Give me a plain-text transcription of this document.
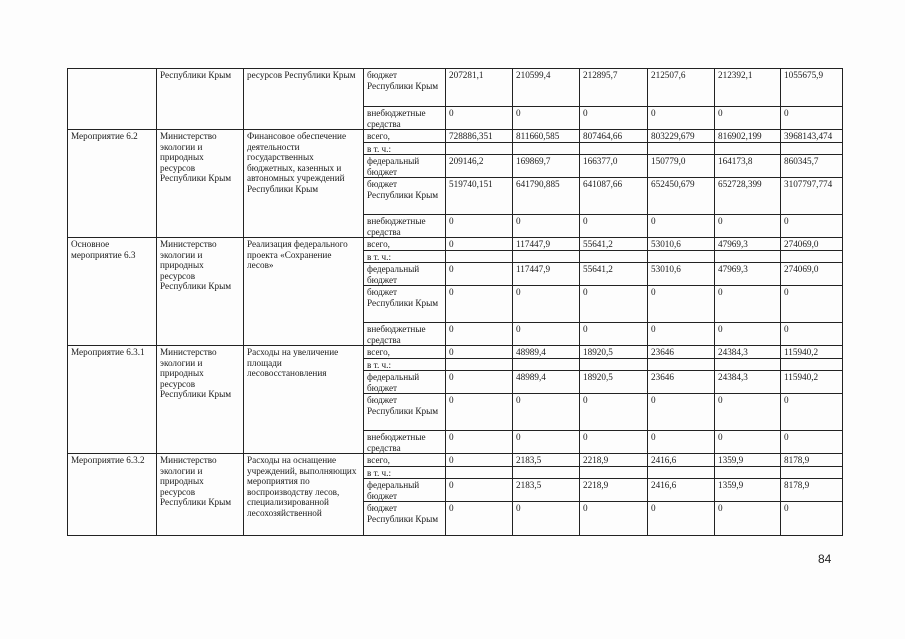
	Республики Крым	ресурсов Республики Крым	бюджет Республики Крым	207281,1	210599,4	212895,7	212507,6	212392,1	1055675,9
			внебюджетные средства	0	0	0	0	0	0
Мероприятие 6.2	Министерство экологии и природных ресурсов Республики Крым	Финансовое обеспечение деятельности государственных бюджетных, казенных и автономных учреждений Республики Крым	всего,	728886,351	811660,585	807464,66	803229,679	816902,199	3968143,474
			в т. ч.:						
			федеральный бюджет	209146,2	169869,7	166377,0	150779,0	164173,8	860345,7
			бюджет Республики Крым	519740,151	641790,885	641087,66	652450,679	652728,399	3107797,774
			внебюджетные средства	0	0	0	0	0	0
Основное мероприятие 6.3	Министерство экологии и природных ресурсов Республики Крым	Реализация федерального проекта «Сохранение лесов»	всего,	0	117447,9	55641,2	53010,6	47969,3	274069,0
			в т. ч.:						
			федеральный бюджет	0	117447,9	55641,2	53010,6	47969,3	274069,0
			бюджет Республики Крым	0	0	0	0	0	0
			внебюджетные средства	0	0	0	0	0	0
Мероприятие 6.3.1	Министерство экологии и природных ресурсов Республики Крым	Расходы на увеличение площади лесовосстановления	всего,	0	48989,4	18920,5	23646	24384,3	115940,2
			в т. ч.:						
			федеральный бюджет	0	48989,4	18920,5	23646	24384,3	115940,2
			бюджет Республики Крым	0	0	0	0	0	0
			внебюджетные средства	0	0	0	0	0	0
Мероприятие 6.3.2	Министерство экологии и природных ресурсов Республики Крым	Расходы на оснащение учреждений, выполняющих мероприятия по воспроизводству лесов, специализированной лесохозяйственной	всего,	0	2183,5	2218,9	2416,6	1359,9	8178,9
			в т. ч.:						
			федеральный бюджет	0	2183,5	2218,9	2416,6	1359,9	8178,9
			бюджет Республики Крым	0	0	0	0	0	0
84
